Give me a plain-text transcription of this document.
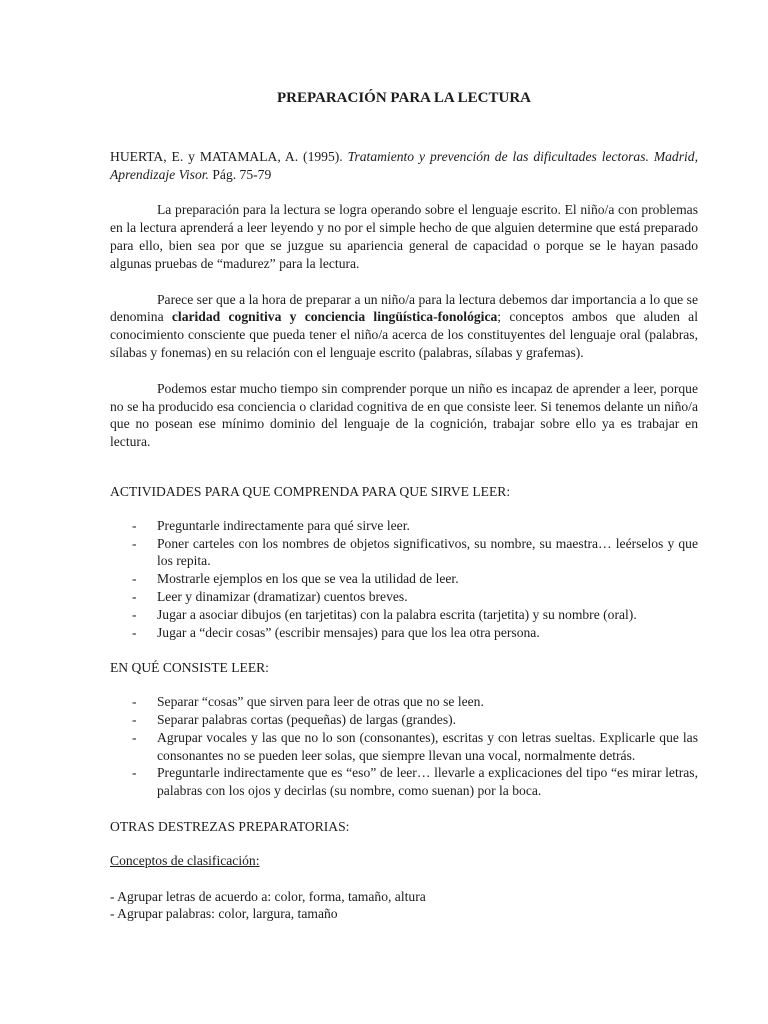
PREPARACIÓN PARA LA LECTURA

HUERTA, E. y MATAMALA, A. (1995). Tratamiento y prevención de las dificultades lectoras. Madrid, Aprendizaje Visor. Pág. 75-79

La preparación para la lectura se logra operando sobre el lenguaje escrito. El niño/a con problemas en la lectura aprenderá a leer leyendo y no por el simple hecho de que alguien determine que está preparado para ello, bien sea por que se juzgue su apariencia general de capacidad o porque se le hayan pasado algunas pruebas de “madurez” para la lectura.

Parece ser que a la hora de preparar a un niño/a para la lectura debemos dar importancia a lo que se denomina claridad cognitiva y conciencia lingüística-fonológica; conceptos ambos que aluden al conocimiento consciente que pueda tener el niño/a acerca de los constituyentes del lenguaje oral (palabras, sílabas y fonemas) en su relación con el lenguaje escrito (palabras, sílabas y grafemas).

Podemos estar mucho tiempo sin comprender porque un niño es incapaz de aprender a leer, porque no se ha producido esa conciencia o claridad cognitiva de en que consiste leer. Si tenemos delante un niño/a que no posean ese mínimo dominio del lenguaje de la cognición, trabajar sobre ello ya es trabajar en lectura.

ACTIVIDADES PARA QUE COMPRENDA PARA QUE SIRVE LEER:
- Preguntarle indirectamente para qué sirve leer.
- Poner carteles con los nombres de objetos significativos, su nombre, su maestra… leérselos y que los repita.
- Mostrarle ejemplos en los que se vea la utilidad de leer.
- Leer y dinamizar (dramatizar) cuentos breves.
- Jugar a asociar dibujos (en tarjetitas) con la palabra escrita (tarjetita) y su nombre (oral).
- Jugar a “decir cosas” (escribir mensajes) para que los lea otra persona.
EN QUÉ CONSISTE LEER:
- Separar “cosas” que sirven para leer de otras que no se leen.
- Separar palabras cortas (pequeñas) de largas (grandes).
- Agrupar vocales y las que no lo son (consonantes), escritas y con letras sueltas. Explicarle que las consonantes no se pueden leer solas, que siempre llevan una vocal, normalmente detrás.
- Preguntarle indirectamente que es “eso” de leer… llevarle a explicaciones del tipo “es mirar letras, palabras con los ojos y decirlas (su nombre, como suenan) por la boca.
OTRAS DESTREZAS PREPARATORIAS:

Conceptos de clasificación:

- Agrupar letras de acuerdo a: color, forma, tamaño, altura

- Agrupar palabras: color, largura, tamaño
